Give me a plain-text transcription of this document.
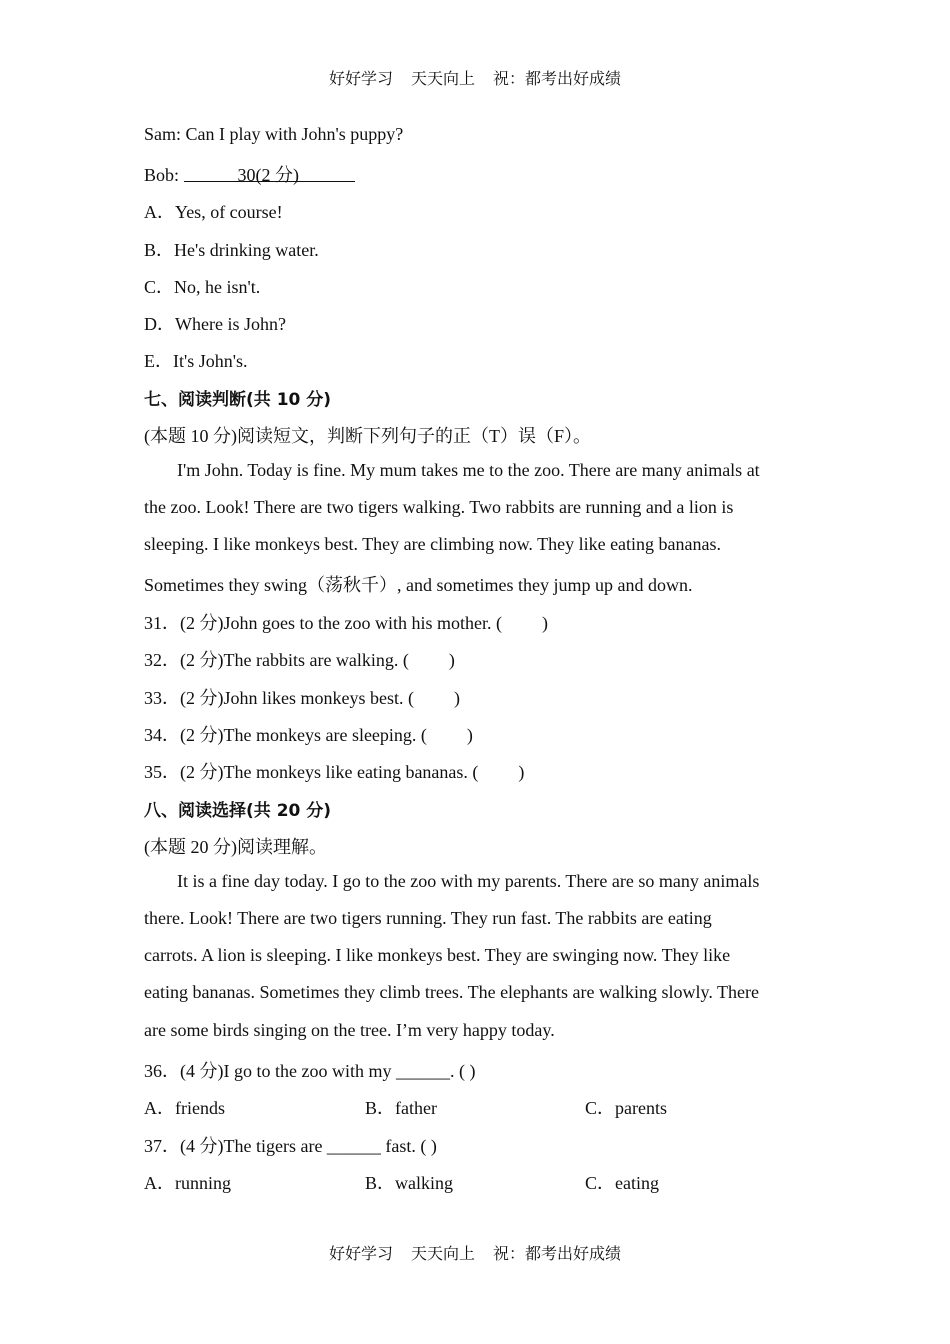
好好学习 天天向上 祝：都考出好成绩
Sam: Can I play with John's puppy?
Bob:	30(2 分)
A．Yes, of course!
B．He's drinking water.
C．No, he isn't.
D．Where is John?
E．It's John's.
七、阅读判断(共 10 分)
(本题 10 分)阅读短文，判断下列句子的正（T）误（F）。
I'm John. Today is fine. My mum takes me to the zoo. There are many animals at
the zoo. Look! There are two tigers walking. Two rabbits are running and a lion is
sleeping. I like monkeys best. They are climbing now. They like eating bananas.
Sometimes they swing（荡秋千）, and sometimes they jump up and down.
31．(2 分)John goes to the zoo with his mother. ( )
32．(2 分)The rabbits are walking. ( )
33．(2 分)John likes monkeys best. ( )
34．(2 分)The monkeys are sleeping. ( )
35．(2 分)The monkeys like eating bananas. ( )
八、阅读选择(共 20 分)
(本题 20 分)阅读理解。
It is a fine day today. I go to the zoo with my parents. There are so many animals
there. Look! There are two tigers running. They run fast. The rabbits are eating
carrots. A lion is sleeping. I like monkeys best. They are swinging now. They like
eating bananas. Sometimes they climb trees. The elephants are walking slowly. There
are some birds singing on the tree. I’m very happy today.
36．(4 分)I go to the zoo with my ______. ( )
A．friends	B．father	C．parents
37．(4 分)The tigers are ______ fast. ( )
A．running	B．walking	C．eating
好好学习 天天向上 祝：都考出好成绩
